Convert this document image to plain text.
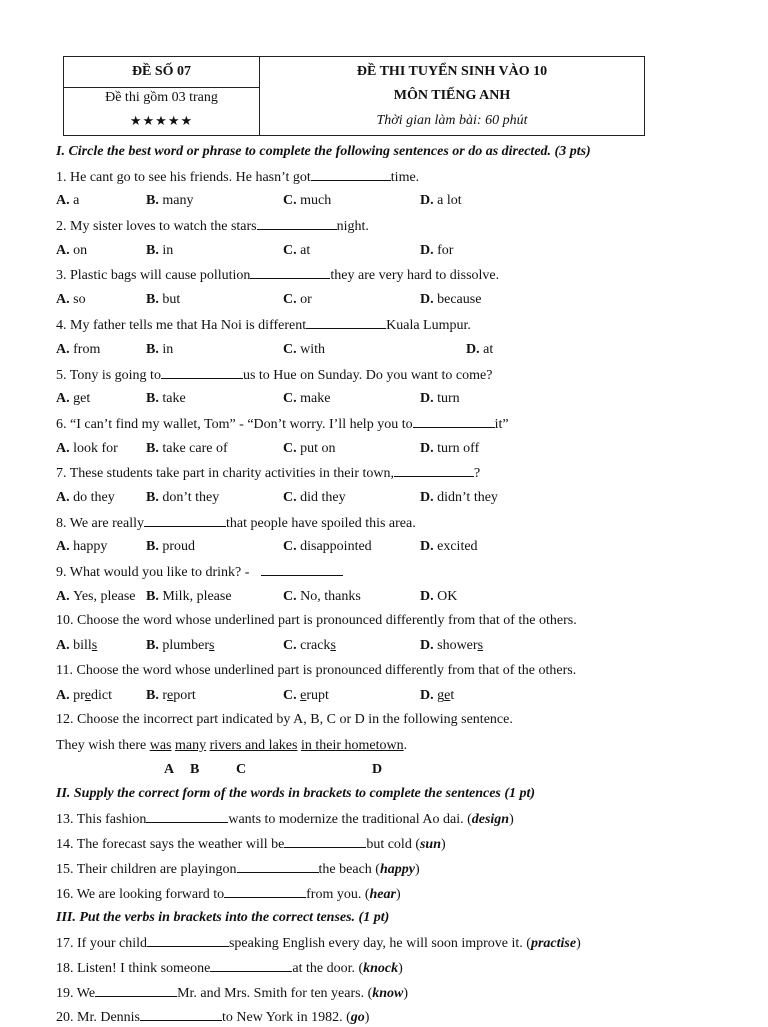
ĐỀ SỐ 07
Đề thi gồm 03 trang
★★★★★
ĐỀ THI TUYỂN SINH VÀO 10
MÔN TIẾNG ANH
Thời gian làm bài: 60 phút
I. Circle the best word or phrase to complete the following sentences or do as directed. (3 pts)
1. He cant go to see his friends. He hasn’t got	time.
2. My sister loves to watch the stars	night.
3. Plastic bags will cause pollution	they are very hard to dissolve.
4. My father tells me that Ha Noi is different	Kuala Lumpur.
5. Tony is going to	us to Hue on Sunday. Do you want to come?
6. “I can’t find my wallet, Tom” - “Don’t worry. I’ll help you to	it”
7. These students take part in charity activities in their town,	?
8. We are really	that people have spoiled this area.
9. What would you like to drink? -
10. Choose the word whose underlined part is pronounced differently from that of the others.
11. Choose the word whose underlined part is pronounced differently from that of the others.
12. Choose the incorrect part indicated by A, B, C or D in the following sentence.
They wish there was many rivers and lakes in their hometown.
A B	C	D
II. Supply the correct form of the words in brackets to complete the sentences (1 pt)
13. This fashion	wants to modernize the traditional Ao dai. (design)
14. The forecast says the weather will be	but cold (sun)
15. Their children are playingon	the beach (happy)
16. We are looking forward to	from you. (hear)
III. Put the verbs in brackets into the correct tenses. (1 pt)
17. If your child	speaking English every day, he will soon improve it. (practise)
18. Listen! I think someone	at the door. (knock)
19. We	Mr. and Mrs. Smith for ten years. (know)
20. Mr. Dennis	to New York in 1982. (go)
A. a	B. many	C. much	D. a lot
A. on	B. in	C. at	D. for
A. so	B. but	C. or	D. because
A. from	B. in	C. with	D. at
A. get	B. take	C. make	D. turn
A. look for B. take care of	C. put on	D. turn off
A. do they B. don’t they	C. did they	D. didn’t they
A. happy	B. proud	C. disappointed	D. excited
A. Yes, please B. Milk, please	C. No, thanks	D. OK
A. bills	B. plumbers	C. cracks	D. showers
A. predict B. report	C. erupt	D. get
